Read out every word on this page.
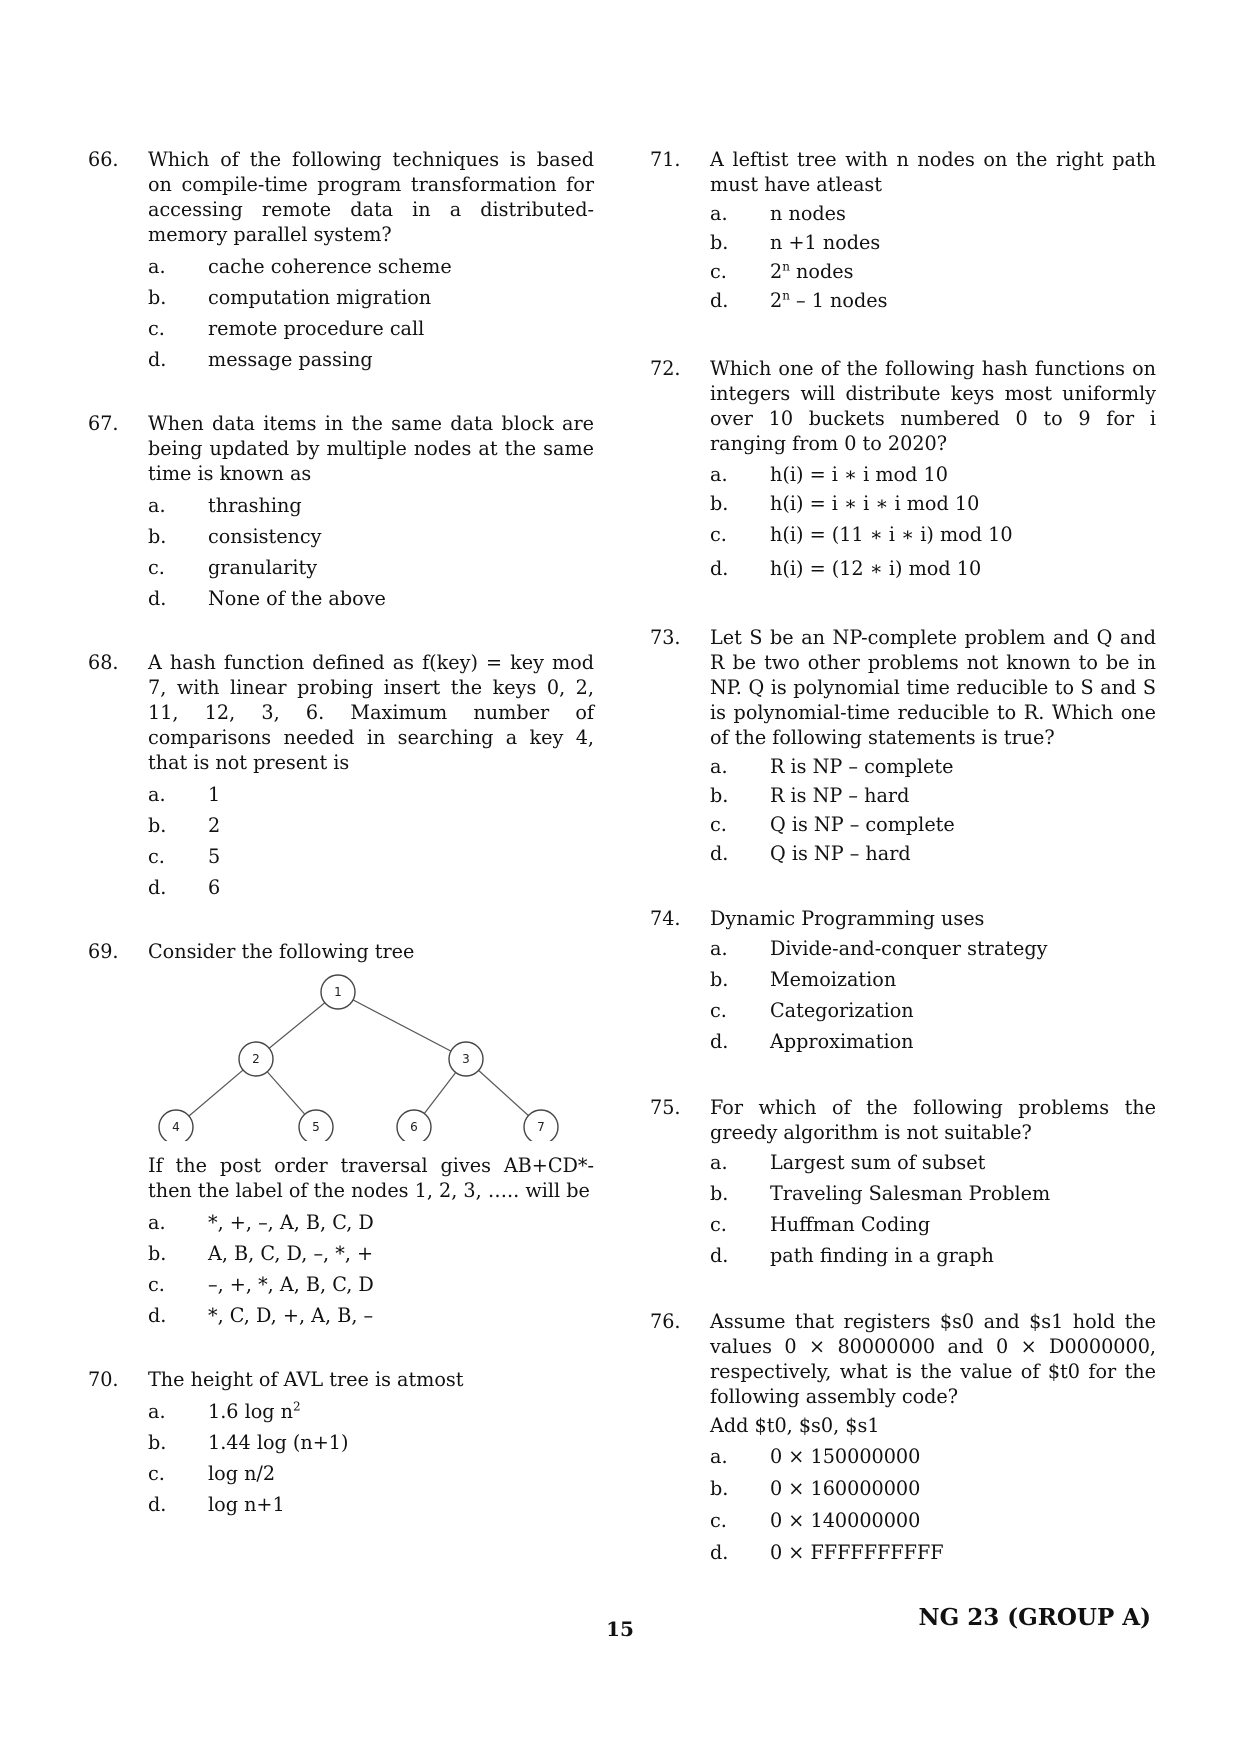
66. Which of the following techniques is based on compile-time program transformation for accessing remote data in a distributed-memory parallel system?
a.	cache coherence scheme
b.	computation migration
c.	remote procedure call
d.	message passing
67. When data items in the same data block are being updated by multiple nodes at the same time is known as
a.	thrashing
b.	consistency
c.	granularity
d.	None of the above
68. A hash function defined as f(key) = key mod 7, with linear probing insert the keys 0, 2, 11, 12, 3, 6. Maximum number of comparisons needed in searching a key 4, that is not present is
a.	1
b.	2
c.	5
d.	6
69. Consider the following tree
1
2	3
4	5	6	7
If the post order traversal gives AB+CD*- then the label of the nodes 1, 2, 3, ….. will be
a.	*, +, –, A, B, C, D
b.	A, B, C, D, –, *, +
c.	–, +, *, A, B, C, D
d.	*, C, D, +, A, B, –
70. The height of AVL tree is atmost
a.	1.6 $\log n^2$
b.	1.44 log (n+1)
c.	log n/2
d.	log n+1
71. A leftist tree with n nodes on the right path must have atleast
a.	n nodes
b.	n +1 nodes
c.	2$^n$ nodes
d.	2$^n$ – 1 nodes
72. Which one of the following hash functions on integers will distribute keys most uniformly over 10 buckets numbered 0 to 9 for i ranging from 0 to 2020?
a.	h(i) = i ∗ i mod 10
b.	h(i) = i ∗ i ∗ i mod 10
c.	h(i) = (11 ∗ i ∗ i) mod 10
d.	h(i) = (12 ∗ i) mod 10
73. Let S be an NP-complete problem and Q and R be two other problems not known to be in NP. Q is polynomial time reducible to S and S is polynomial-time reducible to R. Which one of the following statements is true?
a.	R is NP – complete
b.	R is NP – hard
c.	Q is NP – complete
d.	Q is NP – hard
74. Dynamic Programming uses
a.	Divide-and-conquer strategy
b.	Memoization
c.	Categorization
d.	Approximation
75. For which of the following problems the greedy algorithm is not suitable?
a.	Largest sum of subset
b.	Traveling Salesman Problem
c.	Huffman Coding
d.	path finding in a graph
76. Assume that registers $s0 and $s1 hold the values 0 × 80000000 and 0 × D0000000, respectively, what is the value of $t0 for the following assembly code?
Add $t0, $s0, $s1
a.	0 × 150000000
b.	0 × 160000000
c.	0 × 140000000
d.	0 × FFFFFFFFFF
15	NG 23 (GROUP A)
